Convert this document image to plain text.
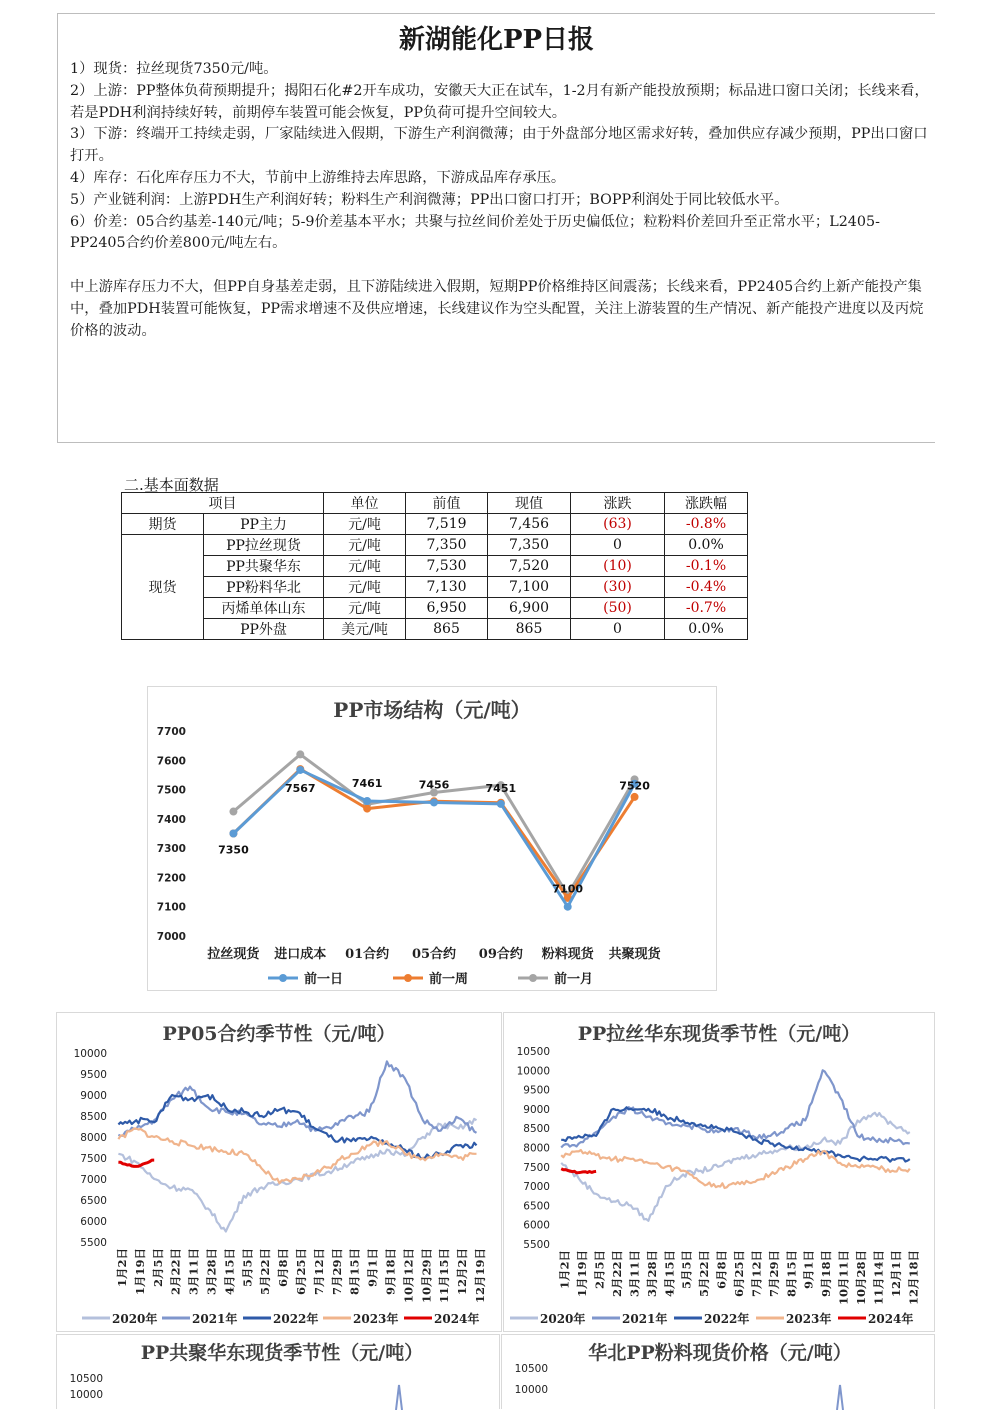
新湖能化PP日报

1）现货：拉丝现货7350元/吨。

2）上游：PP整体负荷预期提升；揭阳石化#2开车成功，安徽天大正在试车，1-2月有新产能投放预期；标品进口窗口关闭；长线来看，若是PDH利润持续好转，前期停车装置可能会恢复，PP负荷可提升空间较大。

3）下游：终端开工持续走弱，厂家陆续进入假期，下游生产利润微薄；由于外盘部分地区需求好转，叠加供应存减少预期，PP出口窗口打开。

4）库存：石化库存压力不大，节前中上游维持去库思路，下游成品库存承压。

5）产业链利润：上游PDH生产利润好转；粉料生产利润微薄；PP出口窗口打开；BOPP利润处于同比较低水平。

6）价差：05合约基差-140元/吨；5-9价差基本平水；共聚与拉丝间价差处于历史偏低位；粒粉料价差回升至正常水平；L2405-PP2405合约价差800元/吨左右。

中上游库存压力不大，但PP自身基差走弱，且下游陆续进入假期，短期PP价格维持区间震荡；长线来看，PP2405合约上新产能投产集中，叠加PDH装置可能恢复，PP需求增速不及供应增速，长线建议作为空头配置，关注上游装置的生产情况、新产能投产进度以及丙烷价格的波动。

二.基本面数据
项目		单位	前值	现值	涨跌	涨跌幅
期货	PP主力	元/吨	7,519	7,456	(63)	-0.8%
现货	PP拉丝现货	元/吨	7,350	7,350	0	0.0%
	PP共聚华东	元/吨	7,530	7,520	(10)	-0.1%
	PP粉料华北	元/吨	7,130	7,100	(30)	-0.4%
	丙烯单体山东	元/吨	6,950	6,900	(50)	-0.7%
	PP外盘	美元/吨	865	865	0	0.0%
PP市场结构（元/吨）
7000
7100
7200
7300
7400
7500
7600
7700
拉丝现货 进口成本 01合约 05合约 09合约 粉料现货 共聚现货
7350
7567	7461	7456	7451
7100
7520
前一日	前一周	前一月
PP05合约季节性（元/吨）
5500
6000
6500
7000
7500
8000
8500
9000
9500
10000
1月2日 1月19日 2月5日 2月22日 3月11日 3月28日 4月15日 5月5日 5月22日 6月8日 6月25日 7月12日 7月29日 8月15日 9月1日 9月18日 10月12日 10月29日 11月15日 12月2日 12月19日
2020年	2021年	2022年	2023年	2024年
PP拉丝华东现货季节性（元/吨）
5500
6000
6500
7000
7500
8000
8500
9000
9500
10000
10500
1月2日 1月19日 2月5日 2月22日 3月11日 3月28日 4月15日 5月5日 5月22日 6月8日 6月25日 7月12日 7月29日 8月15日 9月1日 9月18日 10月11日 10月28日 11月14日 12月1日 12月18日
2020年	2021年	2022年	2023年	2024年
PP共聚华东现货季节性（元/吨）
10000
10500
华北PP粉料现货价格（元/吨）
10000
10500
